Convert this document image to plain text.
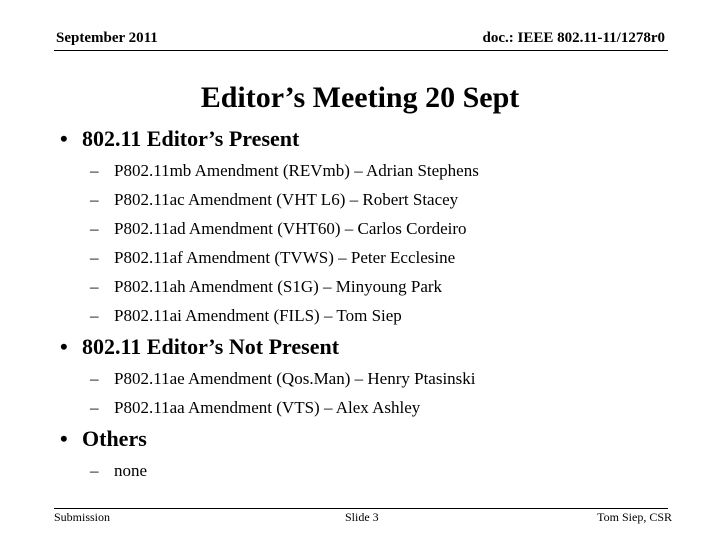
September 2011	doc.: IEEE 802.11-11/1278r0
Editor’s Meeting 20 Sept
• 802.11 Editor’s Present
– P802.11mb Amendment (REVmb) – Adrian Stephens
– P802.11ac Amendment (VHT L6) – Robert Stacey
– P802.11ad Amendment (VHT60) – Carlos Cordeiro
– P802.11af Amendment (TVWS) – Peter Ecclesine
– P802.11ah Amendment (S1G) – Minyoung Park
– P802.11ai Amendment (FILS) – Tom Siep
• 802.11 Editor’s Not Present
– P802.11ae Amendment (Qos.Man) – Henry Ptasinski
– P802.11aa Amendment (VTS) – Alex Ashley
• Others
– none
Submission	Slide 3	Tom Siep, CSR
